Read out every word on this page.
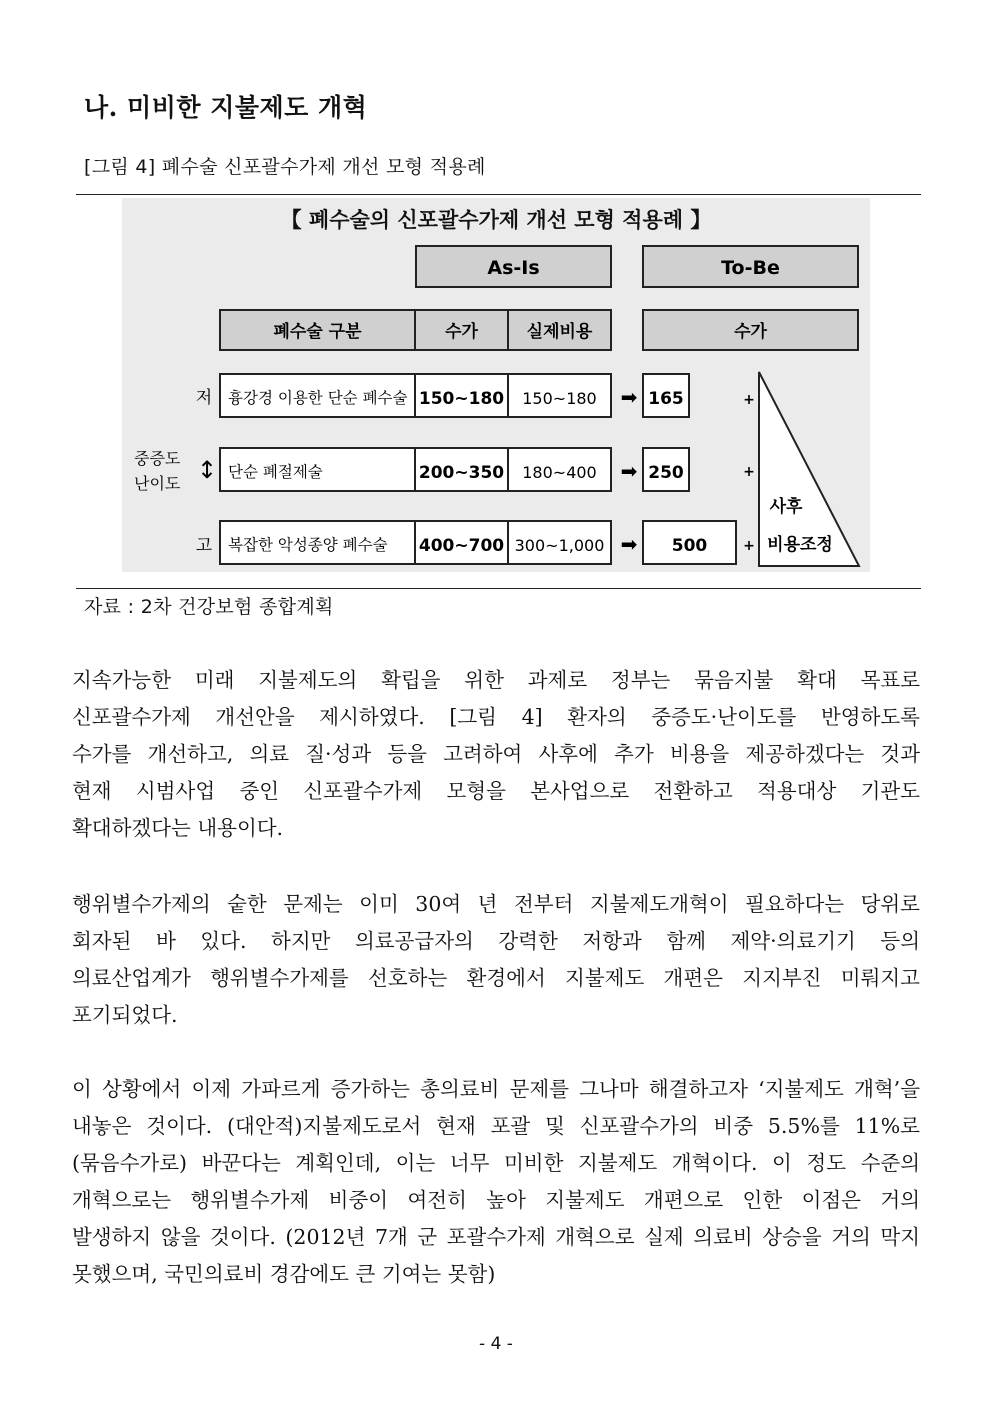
나. 미비한 지불제도 개혁
[그림 4] 폐수술 신포괄수가제 개선 모형 적용례
【 폐수술의 신포괄수가제 개선 모형 적용례 】
As-Is	To-Be
폐수술 구분	수가	실제비용	수가
중증도
난이도 ↕
저 흉강경 이용한 단순 폐수술 150~180 150~180 ➡ 165	+
단순 폐절제술	200~350 180~400 ➡ 250	+
고 복잡한 악성종양 폐수술 400~700 300~1,000 ➡ 500	+
사후
비용조정
자료 : 2차 건강보험 종합계획
지속가능한 미래 지불제도의 확립을 위한 과제로 정부는 묶음지불 확대 목표로
신포괄수가제 개선안을 제시하였다. [그림 4] 환자의 중증도·난이도를 반영하도록
수가를 개선하고, 의료 질·성과 등을 고려하여 사후에 추가 비용을 제공하겠다는 것과
현재 시범사업 중인 신포괄수가제 모형을 본사업으로 전환하고 적용대상 기관도
확대하겠다는 내용이다.
행위별수가제의 숱한 문제는 이미 30여 년 전부터 지불제도개혁이 필요하다는 당위로
회자된 바 있다. 하지만 의료공급자의 강력한 저항과 함께 제약·의료기기 등의
의료산업계가 행위별수가제를 선호하는 환경에서 지불제도 개편은 지지부진 미뤄지고
포기되었다.
이 상황에서 이제 가파르게 증가하는 총의료비 문제를 그나마 해결하고자 ‘지불제도 개혁’을
내놓은 것이다. (대안적)지불제도로서 현재 포괄 및 신포괄수가의 비중 5.5%를 11%로
(묶음수가로) 바꾼다는 계획인데, 이는 너무 미비한 지불제도 개혁이다. 이 정도 수준의
개혁으로는 행위별수가제 비중이 여전히 높아 지불제도 개편으로 인한 이점은 거의
발생하지 않을 것이다. (2012년 7개 군 포괄수가제 개혁으로 실제 의료비 상승을 거의 막지
못했으며, 국민의료비 경감에도 큰 기여는 못함)
- 4 -
